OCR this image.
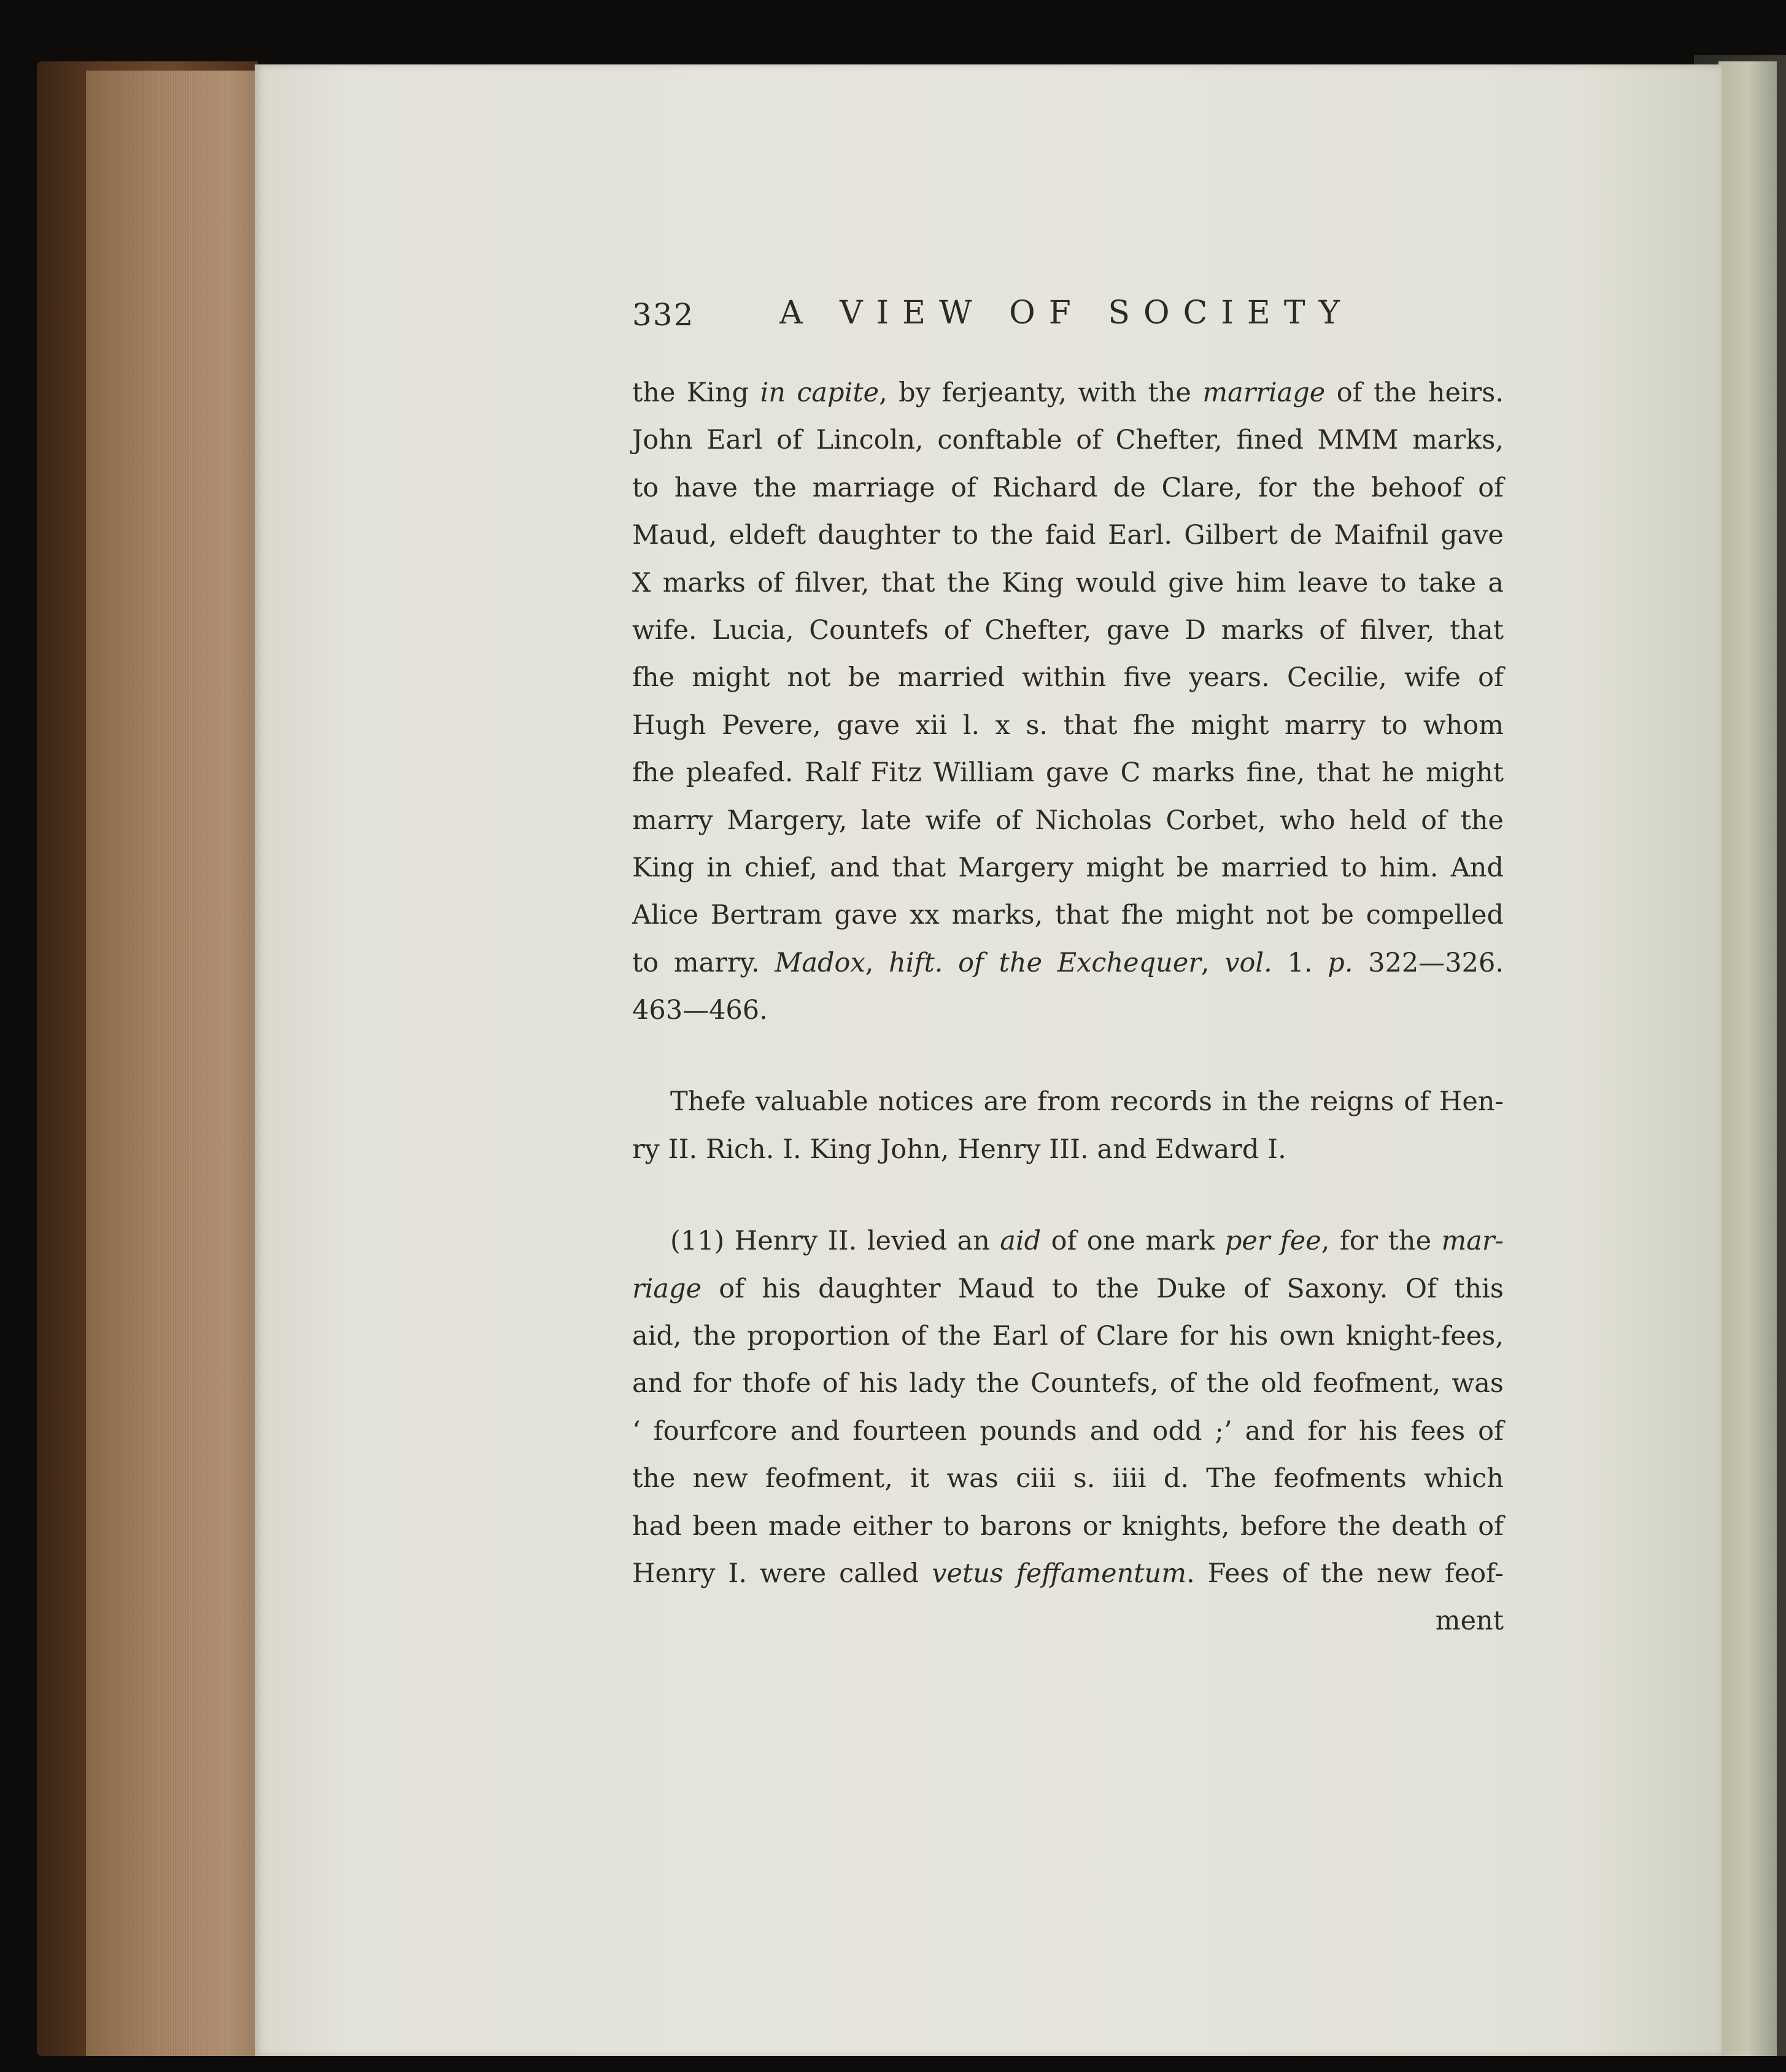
332	A VIEW OF SOCIETY
the King in capite, by ferjeanty, with the marriage of the heirs.
John Earl of Lincoln, conftable of Chefter, fined MMM marks,
to have the marriage of Richard de Clare, for the behoof of
Maud, eldeft daughter to the faid Earl. Gilbert de Maifnil gave
X marks of filver, that the King would give him leave to take a
wife. Lucia, Countefs of Chefter, gave D marks of filver, that
fhe might not be married within five years. Cecilie, wife of
Hugh Pevere, gave xii l. x s. that fhe might marry to whom
fhe pleafed. Ralf Fitz William gave C marks fine, that he might
marry Margery, late wife of Nicholas Corbet, who held of the
King in chief, and that Margery might be married to him. And
Alice Bertram gave xx marks, that fhe might not be compelled
to marry. Madox, hift. of the Exchequer, vol. 1. p. 322—326.
463—466.
Thefe valuable notices are from records in the reigns of Hen-
ry II. Rich. I. King John, Henry III. and Edward I.
(11) Henry II. levied an aid of one mark per fee, for the mar-
riage of his daughter Maud to the Duke of Saxony. Of this
aid, the proportion of the Earl of Clare for his own knight-fees,
and for thofe of his lady the Countefs, of the old feofment, was
‘ fourfcore and fourteen pounds and odd ;’ and for his fees of
the new feofment, it was ciii s. iiii d. The feofments which
had been made either to barons or knights, before the death of
Henry I. were called vetus feffamentum. Fees of the new feof-
ment
